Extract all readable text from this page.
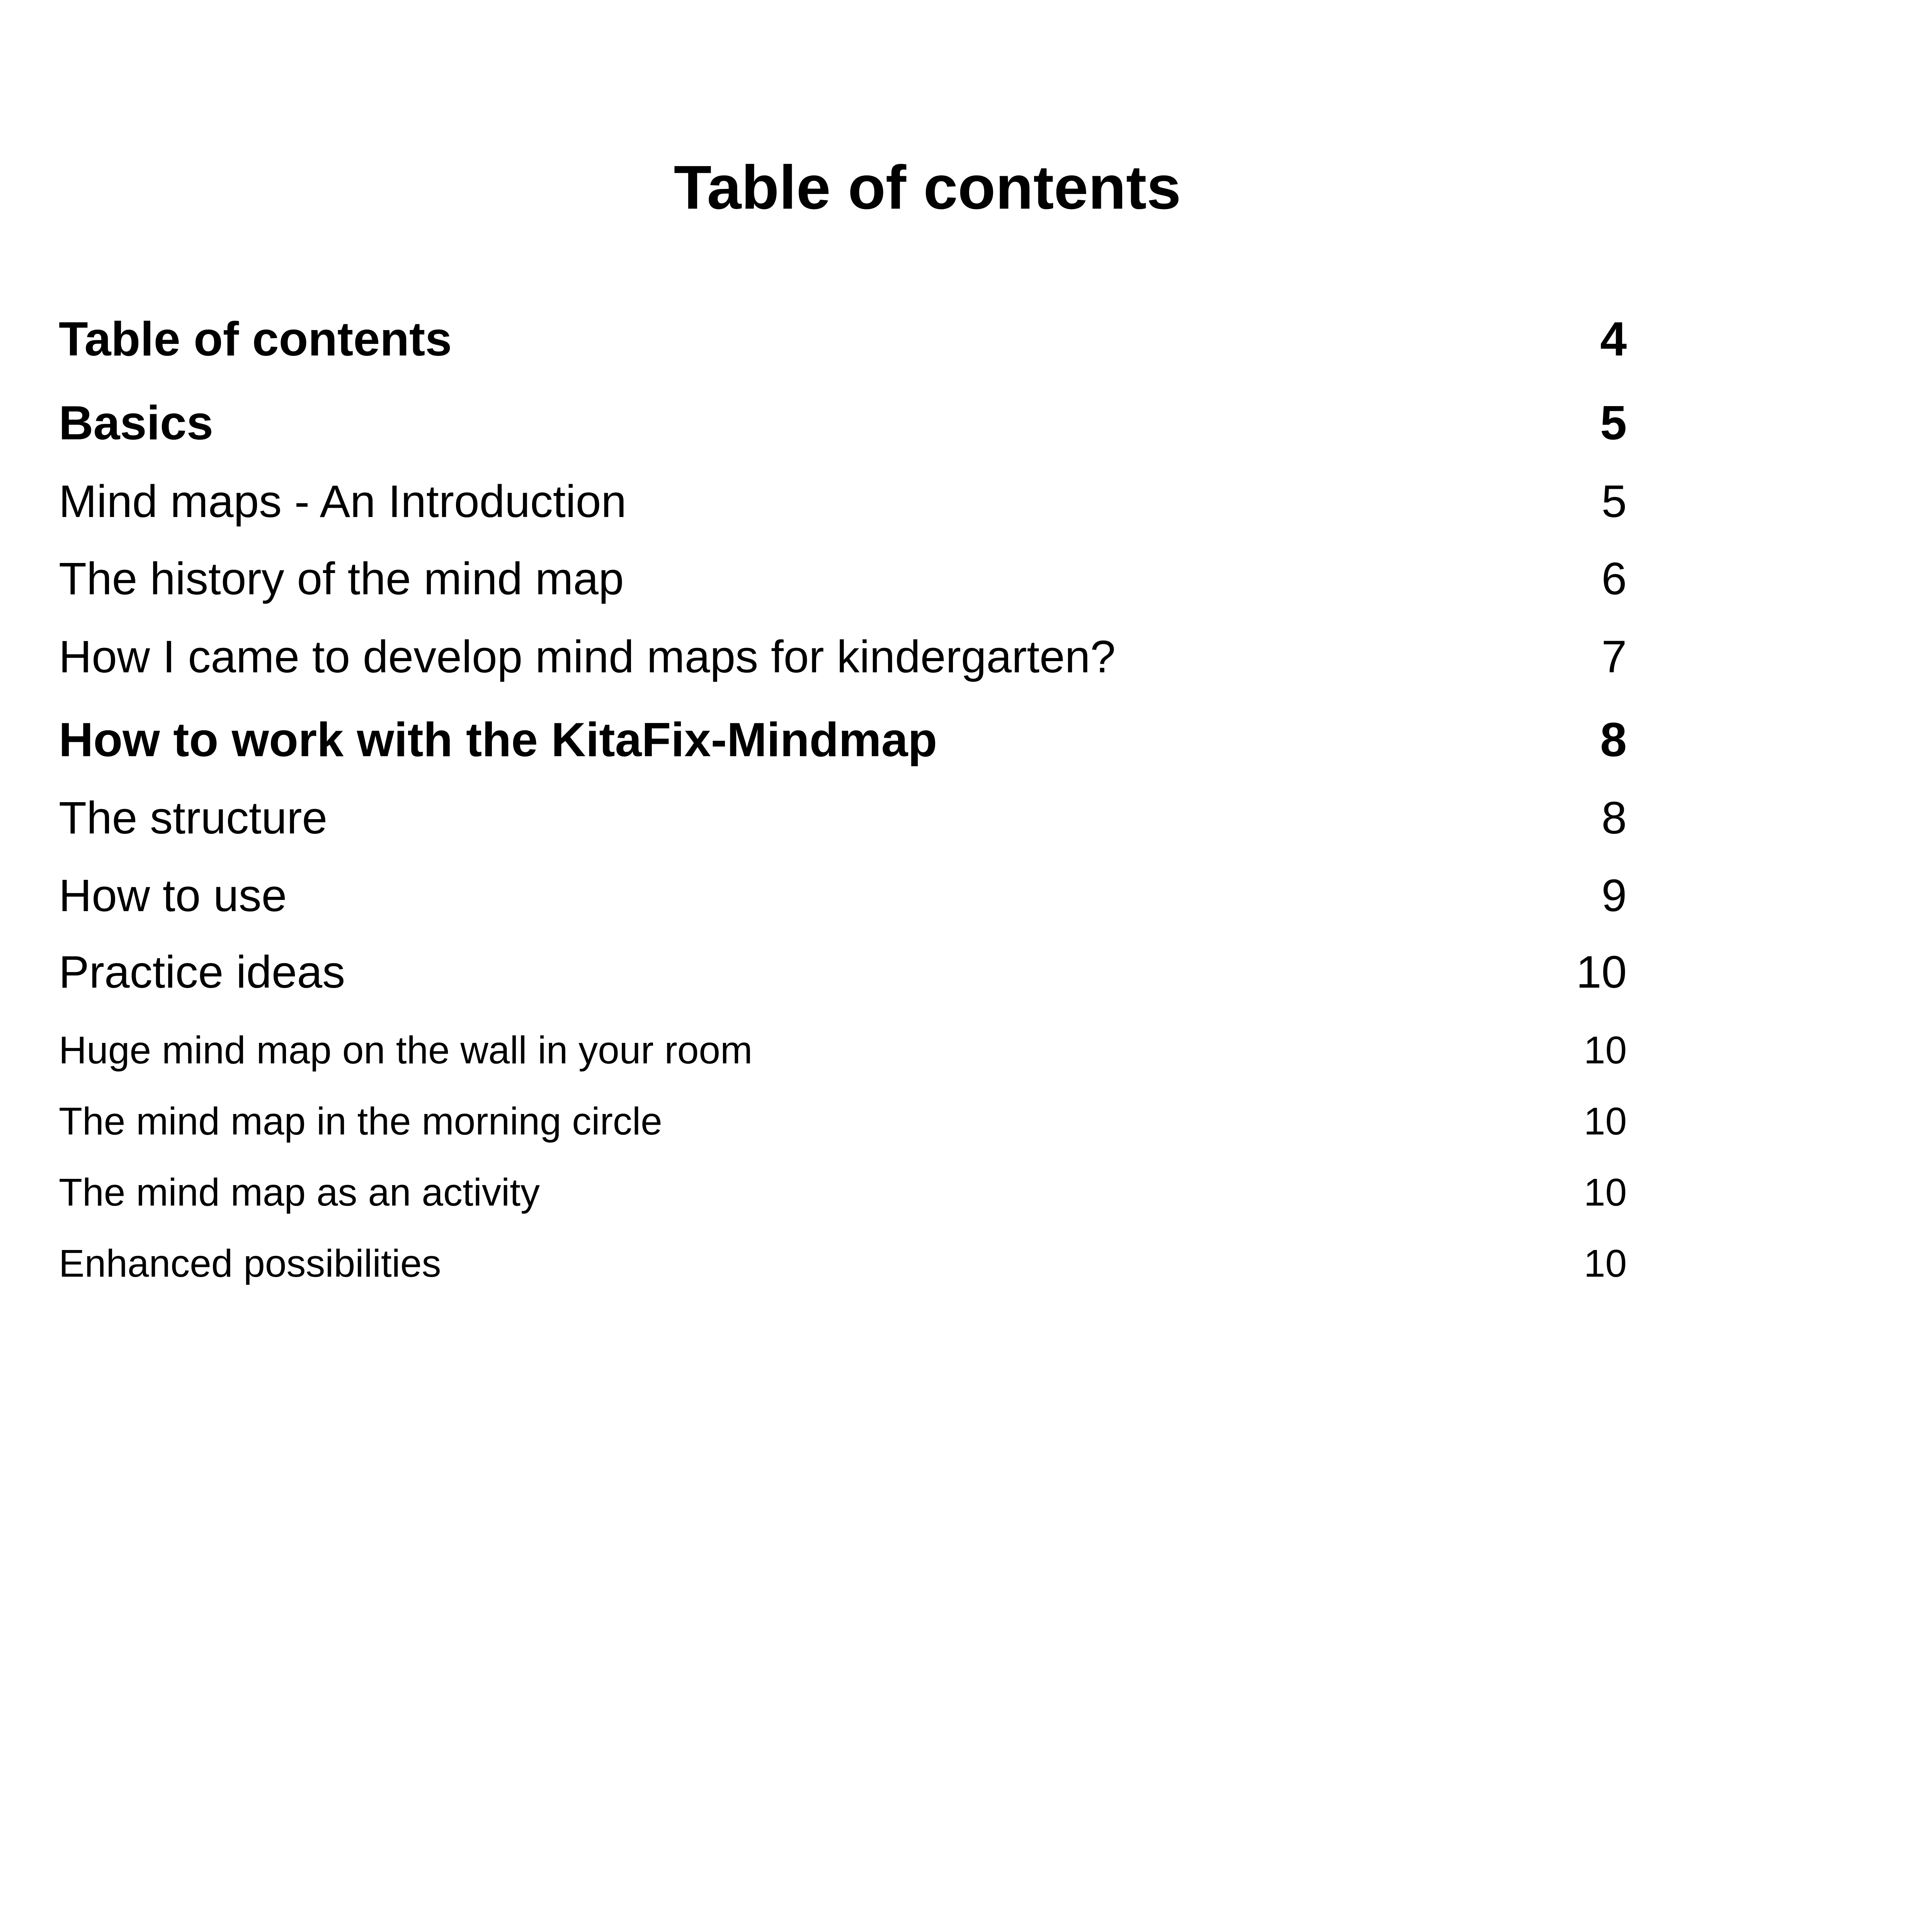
Table of contents
Table of contents	4
Basics	5
Mind maps - An Introduction	5
The history of the mind map	6
How I came to develop mind maps for kindergarten?	7
How to work with the KitaFix-Mindmap	8
The structure	8
How to use	9
Practice ideas	10
Huge mind map on the wall in your room	10
The mind map in the morning circle	10
The mind map as an activity	10
Enhanced possibilities	10
